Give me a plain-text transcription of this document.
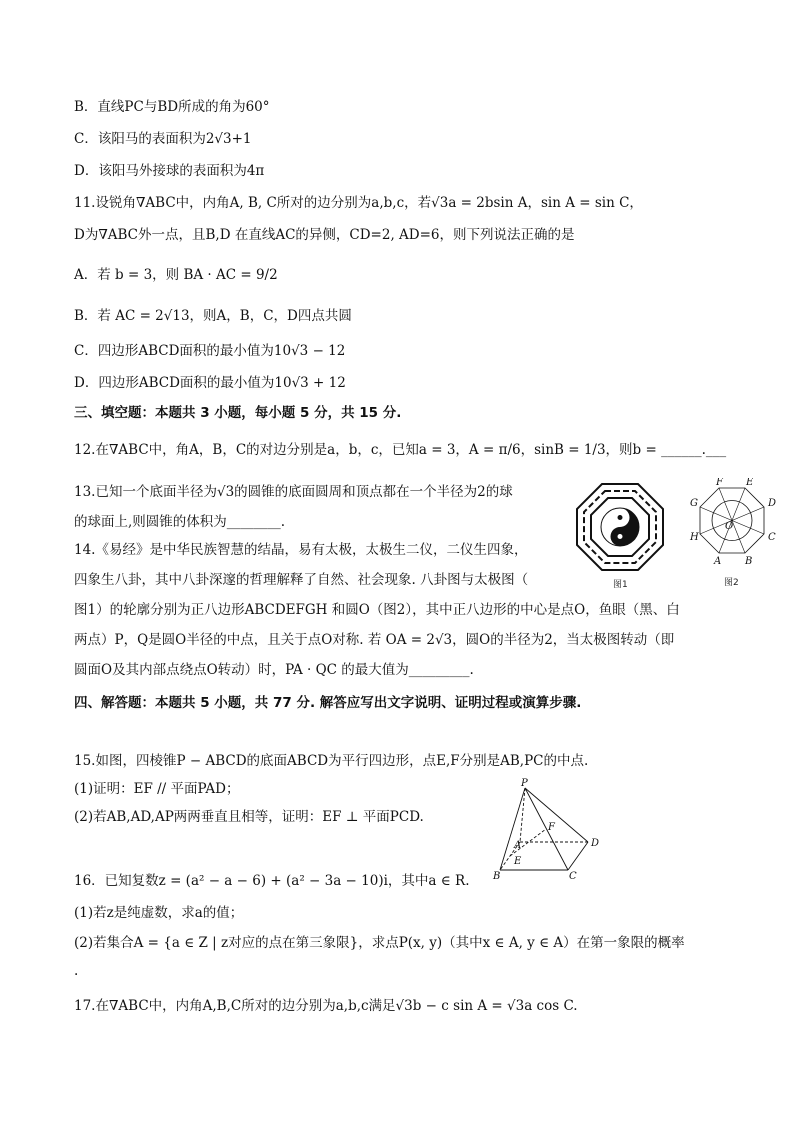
B．直线PC与BD所成的角为60°
C．该阳马的表面积为2√3+1
D．该阳马外接球的表面积为4π
11.设锐角∇ABC中，内角A, B, C所对的边分别为a,b,c，若√3a = 2bsin A，sin A = sin C，
D为∇ABC外一点，且B,D 在直线AC的异侧，CD=2, AD=6，则下列说法正确的是
A．若 b = 3，则 BA · AC = 9/2
B．若 AC = 2√13，则A，B，C，D四点共圆
C．四边形ABCD面积的最小值为10√3 − 12
D．四边形ABCD面积的最小值为10√3 + 12
三、填空题：本题共 3 小题，每小题 5 分，共 15 分.
12.在∇ABC中，角A，B，C的对边分别是a，b，c，已知a = 3，A = π/6，sinB = 1/3，则b = ______.___
13.已知一个底面半径为√3的圆锥的底面圆周和顶点都在一个半径为2的球
的球面上,则圆锥的体积为________.
14.《易经》是中华民族智慧的结晶，易有太极，太极生二仪，二仪生四象，
四象生八卦，其中八卦深邃的哲理解释了自然、社会现象. 八卦图与太极图（
图1）的轮廓分别为正八边形ABCDEFGH 和圆O（图2），其中正八边形的中心是点O，鱼眼（黑、白
两点）P，Q是圆O半径的中点，且关于点O对称. 若 OA = 2√3，圆O的半径为2，当太极图转动（即
圆面O及其内部点绕点O转动）时，PA · QC 的最大值为_________.
四、解答题：本题共 5 小题，共 77 分. 解答应写出文字说明、证明过程或演算步骤.
15.如图，四棱锥P − ABCD的底面ABCD为平行四边形，点E,F分别是AB,PC的中点.
(1)证明：EF // 平面PAD；
(2)若AB,AD,AP两两垂直且相等，证明：EF ⊥ 平面PCD.
16．已知复数z = (a² − a − 6) + (a² − 3a − 10)i，其中a ∈ R.
(1)若z是纯虚数，求a的值；
(2)若集合A = {a ∈ Z | z对应的点在第三象限}，求点P(x, y)（其中x ∈ A, y ∈ A）在第一象限的概率
.
17.在∇ABC中，内角A,B,C所对的边分别为a,b,c满足√3b − c sin A = √3a cos C.
图1
F E
G	D
H	C
A B
O
图2
P
F
A
E
D
B	C
